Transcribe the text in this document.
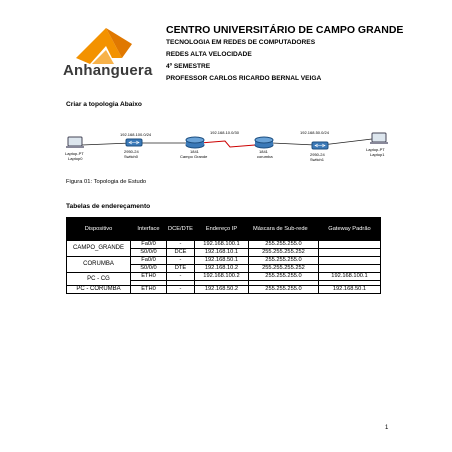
Anhanguera
CENTRO UNIVERSITÁRIO DE CAMPO GRANDE
TECNOLOGIA EM REDES DE COMPUTADORES
REDES ALTA VELOCIDADE
4º SEMESTRE
PROFESSOR CARLOS RICARDO BERNAL VEIGA
Criar a topologia Abaixo
192.168.100.0/24	192.168.10.0/30	192.168.50.0/24
Laptop-PT
Laptop0
2950-24
Switch0
1841
Campo Grande
1841
corumba	2950-24
Switch1
Laptop-PT
Laptop1
Figura 01: Topologia de Estudo
Tabelas de endereçamento
Dispositivo	Interface	DCE/DTE	Endereço IP	Máscara de Sub-rede	Gateway Padrão
CAMPO_GRANDE	Fa0/0	-	192.168.100.1	255.255.255.0	
	S0/0/0	DCE	192.168.10.1	255.255.255.252	
CORUMBA	Fa0/0	-	192.168.50.1	255.255.255.0	
	S0/0/0	DTE	192.168.10.2	255.255.255.252	
PC - CG	ETH0	-	192.168.100.2	255.255.255.0	192.168.100.1

PC - CORUMBA	ETH0	-	192.168.50.2	255.255.255.0	192.168.50.1
1
